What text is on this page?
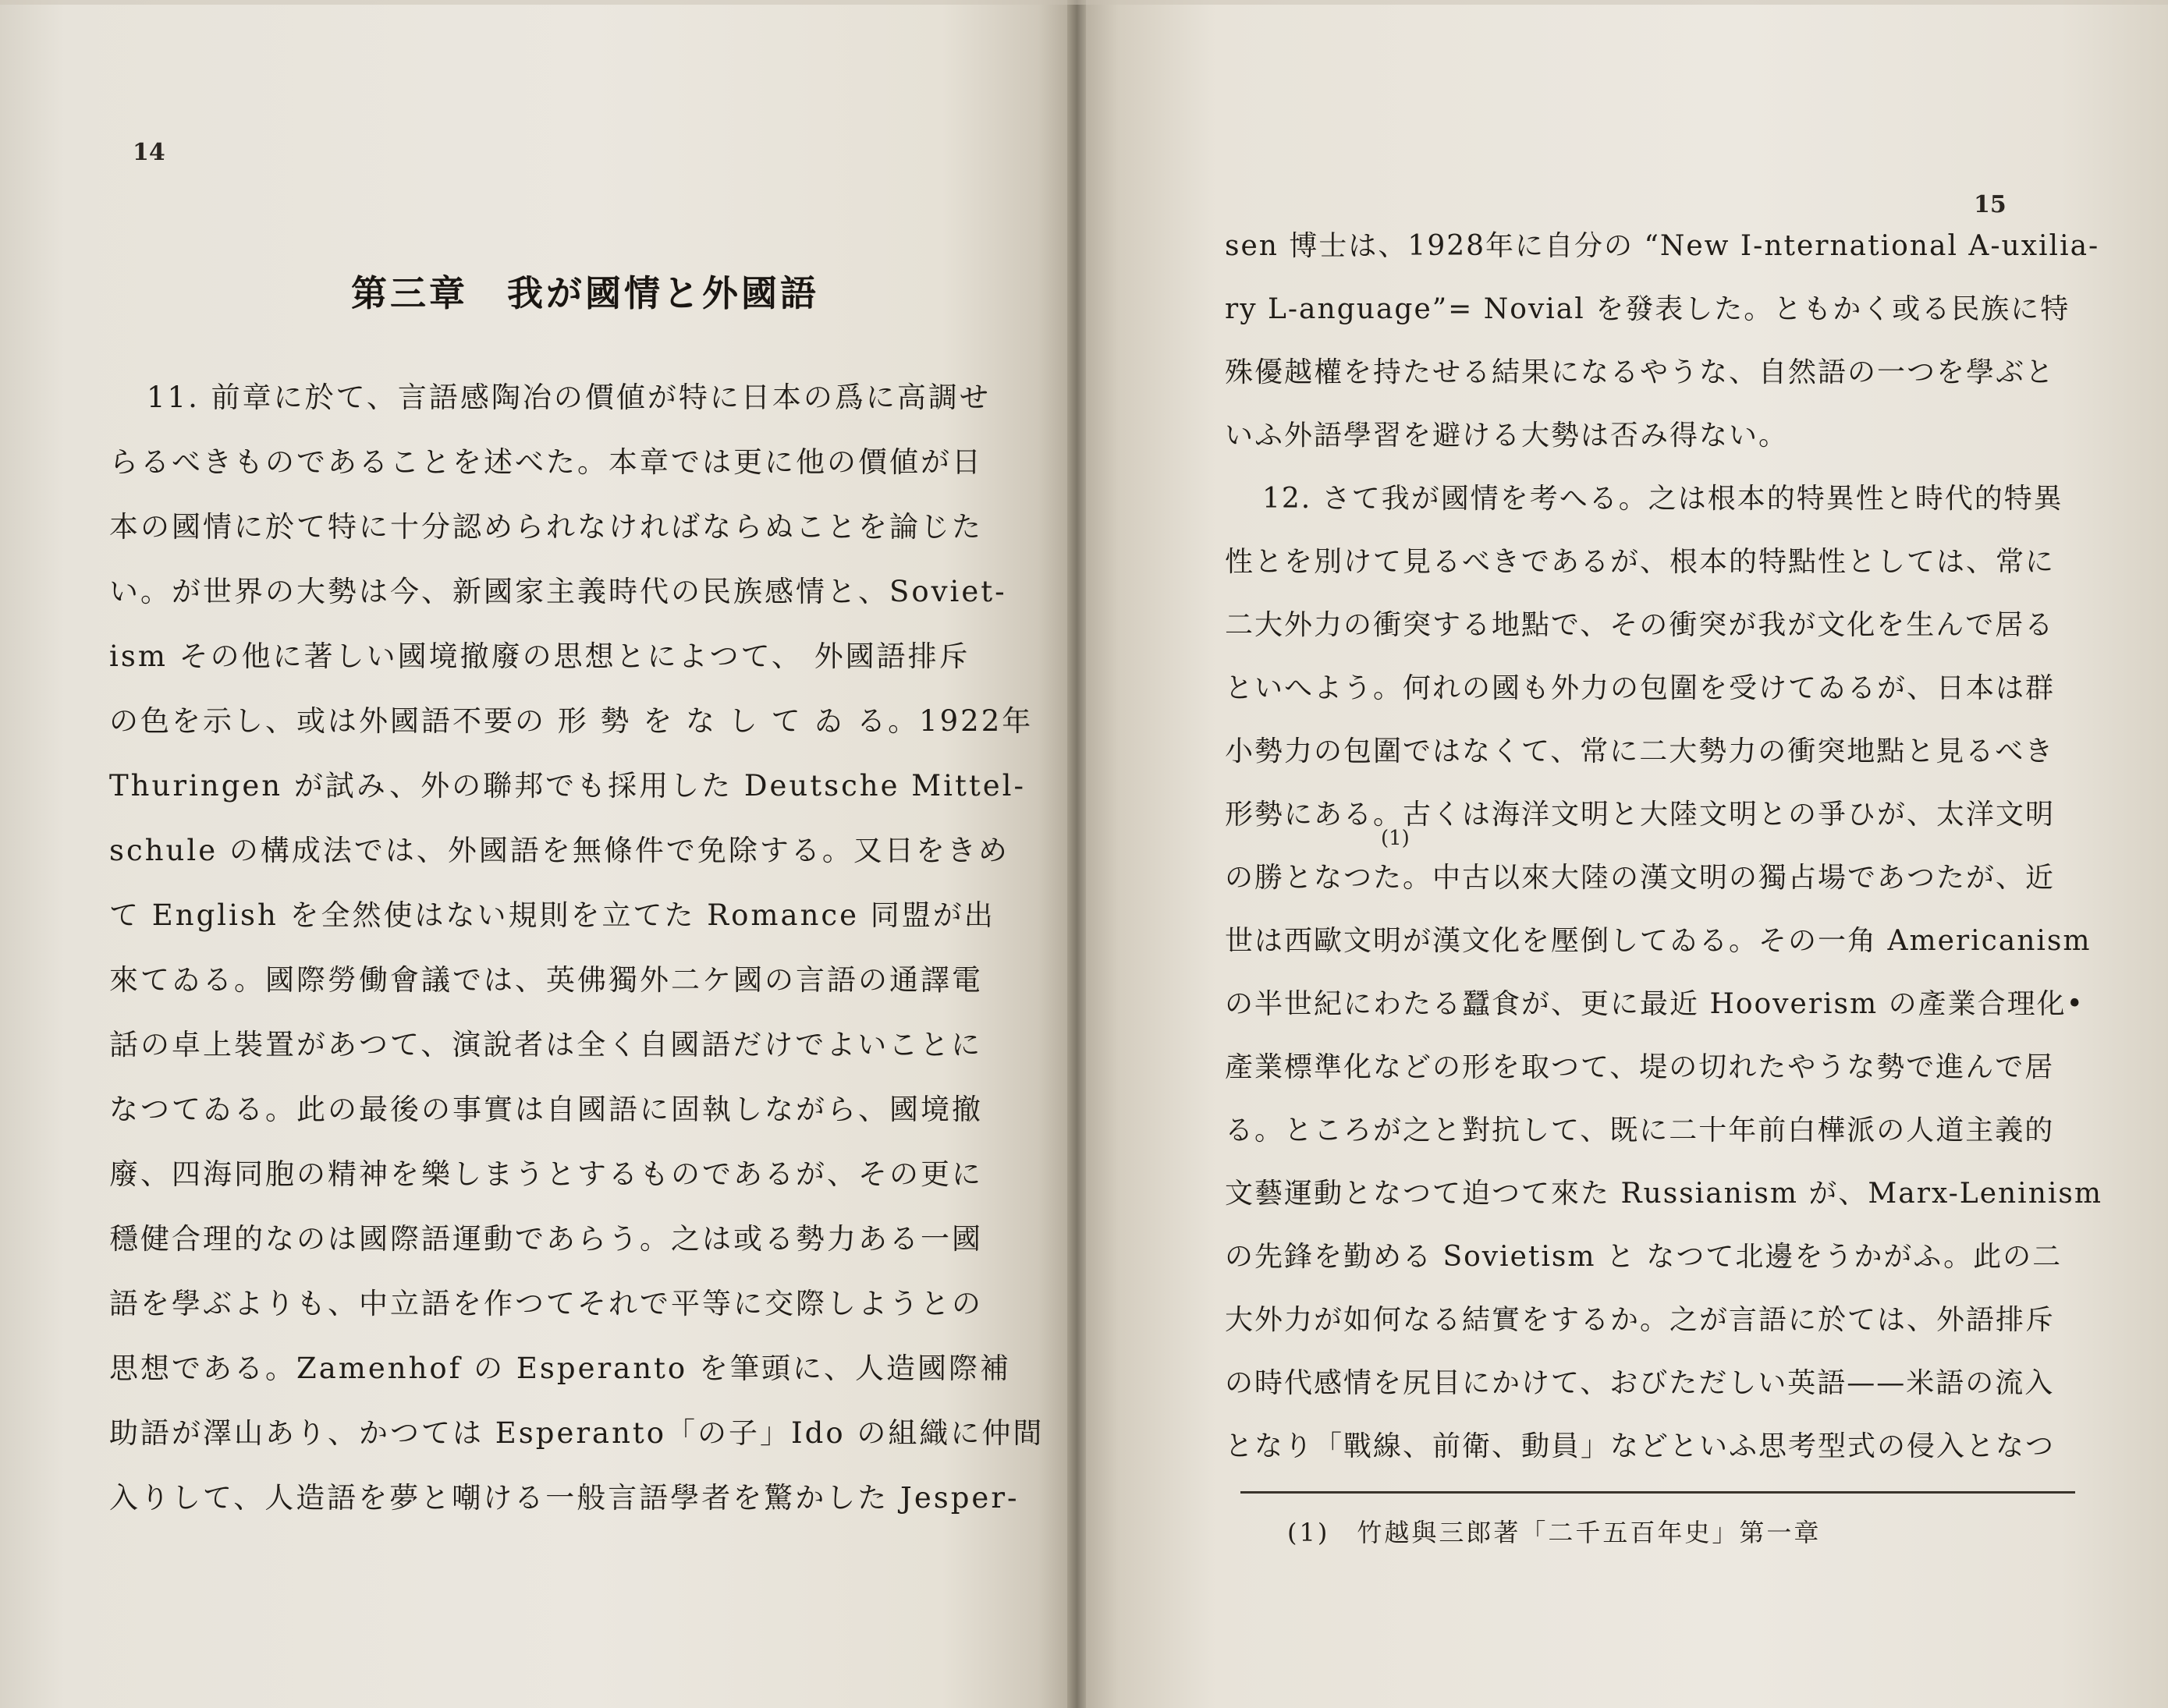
14
第三章　我が國情と外國語
11. 前章に於て、言語感陶冶の價値が特に日本の爲に高調せ
らるべきものであることを述べた。本章では更に他の價値が日
本の國情に於て特に十分認められなければならぬことを論じた
い。が世界の大勢は今、新國家主義時代の民族感情と、Soviet-
ism その他に著しい國境撤廢の思想とによつて、 外國語排斥
の色を示し、或は外國語不要の 形 勢 を な し て ゐ る。1922年
Thuringen が試み、外の聯邦でも採用した Deutsche Mittel-
schule の構成法では、外國語を無條件で免除する。又日をきめ
て English を全然使はない規則を立てた Romance 同盟が出
來てゐる。國際勞働會議では、英佛獨外二ケ國の言語の通譯電
話の卓上裝置があつて、演說者は全く自國語だけでよいことに
なつてゐる。此の最後の事實は自國語に固執しながら、國境撤
廢、四海同胞の精神を樂しまうとするものであるが、その更に
穩健合理的なのは國際語運動であらう。之は或る勢力ある一國
語を學ぶよりも、中立語を作つてそれで平等に交際しようとの
思想である。Zamenhof の Esperanto を筆頭に、人造國際補
助語が澤山あり、かつては Esperanto「の子」Ido の組織に仲間
入りして、人造語を夢と嘲ける一般言語學者を驚かした Jesper-
15
sen 博士は、1928年に自分の “New I-nternational A-uxilia-
ry L-anguage”= Novial を發表した。ともかく或る民族に特
殊優越權を持たせる結果になるやうな、自然語の一つを學ぶと
いふ外語學習を避ける大勢は否み得ない。
12. さて我が國情を考へる。之は根本的特異性と時代的特異
性とを別けて見るべきであるが、根本的特點性としては、常に
二大外力の衝突する地點で、その衝突が我が文化を生んで居る
といへよう。何れの國も外力の包圍を受けてゐるが、日本は群
小勢力の包圍ではなくて、常に二大勢力の衝突地點と見るべき
形勢にある。古くは海洋文明と大陸文明との爭ひが、太洋文明
の勝となつた。中古以來大陸の漢文明の獨占場であつたが、近
世は西歐文明が漢文化を壓倒してゐる。その一角 Americanism
の半世紀にわたる蠶食が、更に最近 Hooverism の產業合理化•
產業標準化などの形を取つて、堤の切れたやうな勢で進んで居
る。ところが之と對抗して、既に二十年前白樺派の人道主義的
文藝運動となつて迫つて來た Russianism が、Marx-Leninism
の先鋒を勤める Sovietism と なつて北邊をうかがふ。此の二
大外力が如何なる結實をするか。之が言語に於ては、外語排斥
の時代感情を尻目にかけて、おびただしい英語——米語の流入
となり「戰線、前衛、動員」などといふ思考型式の侵入となつ
(1)
(1)　竹越與三郎著「二千五百年史」第一章
